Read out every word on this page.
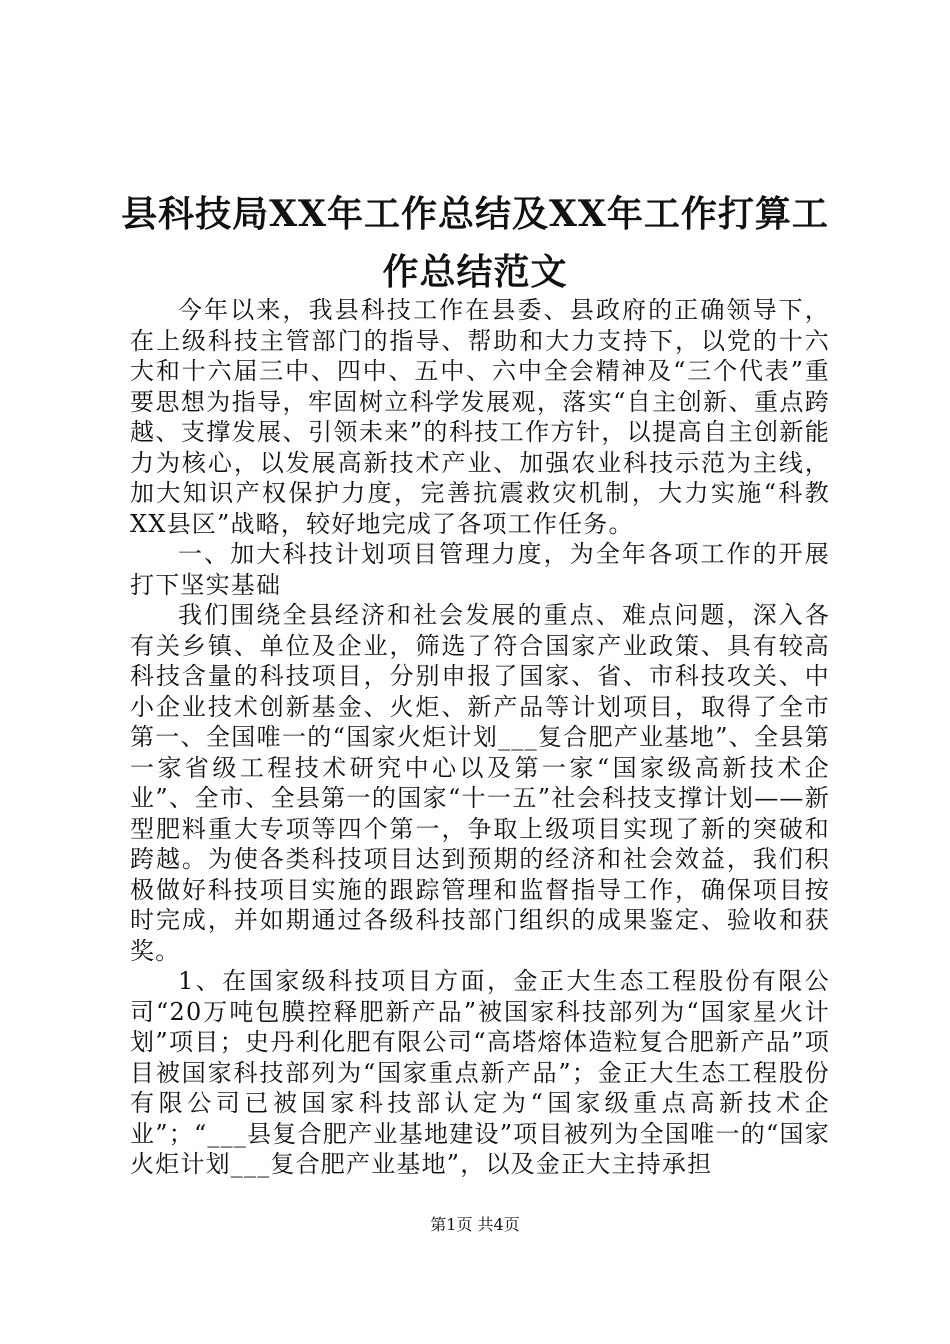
县科技局XX年工作总结及XX年工作打算工作总结范文

今年以来，我县科技工作在县委、县政府的正确领导下，在上级科技主管部门的指导、帮助和大力支持下，以党的十六大和十六届三中、四中、五中、六中全会精神及“三个代表”重要思想为指导，牢固树立科学发展观，落实“自主创新、重点跨越、支撑发展、引领未来”的科技工作方针，以提高自主创新能力为核心，以发展高新技术产业、加强农业科技示范为主线，加大知识产权保护力度，完善抗震救灾机制，大力实施“科教XX县区”战略，较好地完成了各项工作任务。

一、加大科技计划项目管理力度，为全年各项工作的开展打下坚实基础

我们围绕全县经济和社会发展的重点、难点问题，深入各有关乡镇、单位及企业，筛选了符合国家产业政策、具有较高科技含量的科技项目，分别申报了国家、省、市科技攻关、中小企业技术创新基金、火炬、新产品等计划项目，取得了全市第一、全国唯一的“国家火炬计划___复合肥产业基地”、全县第一家省级工程技术研究中心以及第一家“国家级高新技术企业”、全市、全县第一的国家“十一五”社会科技支撑计划——新型肥料重大专项等四个第一，争取上级项目实现了新的突破和跨越。为使各类科技项目达到预期的经济和社会效益，我们积极做好科技项目实施的跟踪管理和监督指导工作，确保项目按时完成，并如期通过各级科技部门组织的成果鉴定、验收和获奖。

1、在国家级科技项目方面，金正大生态工程股份有限公司“20万吨包膜控释肥新产品”被国家科技部列为“国家星火计划”项目；史丹利化肥有限公司“高塔熔体造粒复合肥新产品”项目被国家科技部列为“国家重点新产品”；金正大生态工程股份有限公司已被国家科技部认定为“国家级重点高新技术企业”；“___县复合肥产业基地建设”项目被列为全国唯一的“国家火炬计划___复合肥产业基地”，以及金正大主持承担

第1页 共4页
